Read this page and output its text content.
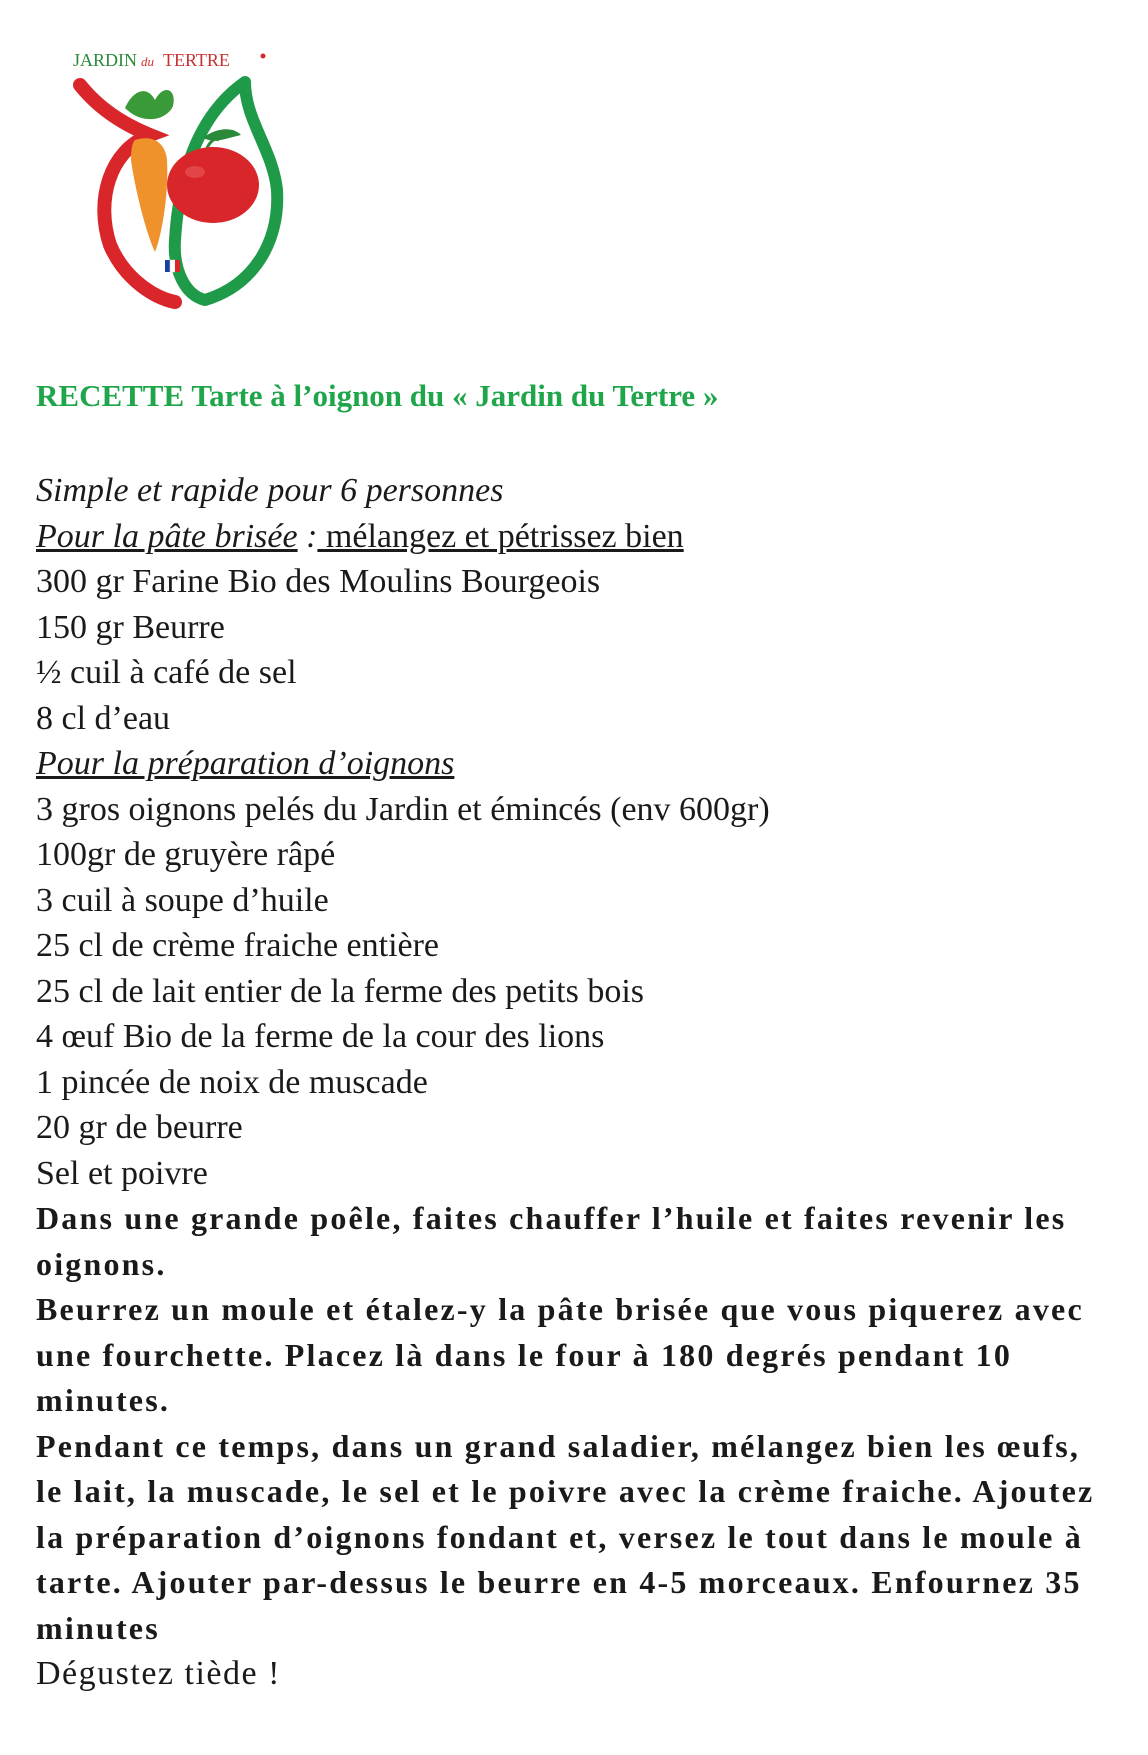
JARDIN du TERTRE
RECETTE Tarte à l’oignon du « Jardin du Tertre »
Simple et rapide pour 6 personnes
Pour la pâte brisée : mélangez et pétrissez bien
300 gr Farine Bio des Moulins Bourgeois
150 gr Beurre
½ cuil à café de sel
8 cl d’eau
Pour la préparation d’oignons
3 gros oignons pelés du Jardin et émincés (env 600gr)
100gr de gruyère râpé
3 cuil à soupe d’huile
25 cl de crème fraiche entière
25 cl de lait entier de la ferme des petits bois
4 œuf Bio de la ferme de la cour des lions
1 pincée de noix de muscade
20 gr de beurre
Sel et poivre
Dans une grande poêle, faites chauffer l’huile et faites revenir les oignons.
Beurrez un moule et étalez-y la pâte brisée que vous piquerez avec une fourchette. Placez là dans le four à 180 degrés pendant 10 minutes.
Pendant ce temps, dans un grand saladier, mélangez bien les œufs, le lait, la muscade, le sel et le poivre avec la crème fraiche. Ajoutez la préparation d’oignons fondant et, versez le tout dans le moule à tarte. Ajouter par-dessus le beurre en 4-5 morceaux. Enfournez 35 minutes
Dégustez tiède !
